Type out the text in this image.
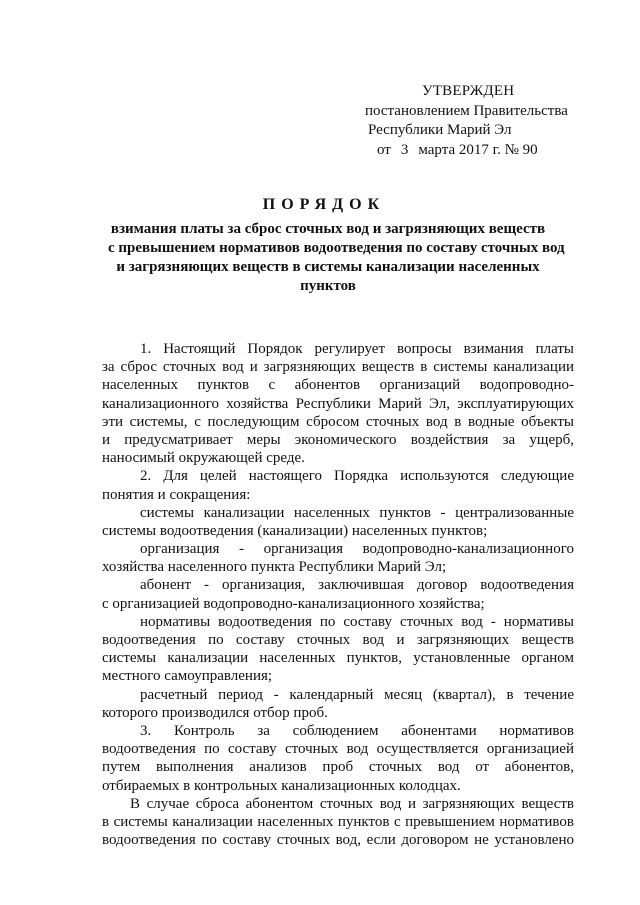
УТВЕРЖДЕН
постановлением Правительства
Республики Марий Эл
от 3 марта 2017 г. № 90
ПОРЯДОК
взимания платы за сброс сточных вод и загрязняющих веществ
с превышением нормативов водоотведения по составу сточных вод
и загрязняющих веществ в системы канализации населенных
пунктов
1. Настоящий Порядок регулирует вопросы взимания платы
за сброс сточных вод и загрязняющих веществ в системы канализации
населенных пунктов с абонентов организаций водопроводно-
канализационного хозяйства Республики Марий Эл, эксплуатирующих
эти системы, с последующим сбросом сточных вод в водные объекты
и предусматривает меры экономического воздействия за ущерб,
наносимый окружающей среде.
2. Для целей настоящего Порядка используются следующие
понятия и сокращения:
системы канализации населенных пунктов - централизованные
системы водоотведения (канализации) населенных пунктов;
организация - организация водопроводно-канализационного
хозяйства населенного пункта Республики Марий Эл;
абонент - организация, заключившая договор водоотведения
с организацией водопроводно-канализационного хозяйства;
нормативы водоотведения по составу сточных вод - нормативы
водоотведения по составу сточных вод и загрязняющих веществ
системы канализации населенных пунктов, установленные органом
местного самоуправления;
расчетный период - календарный месяц (квартал), в течение
которого производился отбор проб.
3. Контроль за соблюдением абонентами нормативов
водоотведения по составу сточных вод осуществляется организацией
путем выполнения анализов проб сточных вод от абонентов,
отбираемых в контрольных канализационных колодцах.
В случае сброса абонентом сточных вод и загрязняющих веществ
в системы канализации населенных пунктов с превышением нормативов
водоотведения по составу сточных вод, если договором не установлено
